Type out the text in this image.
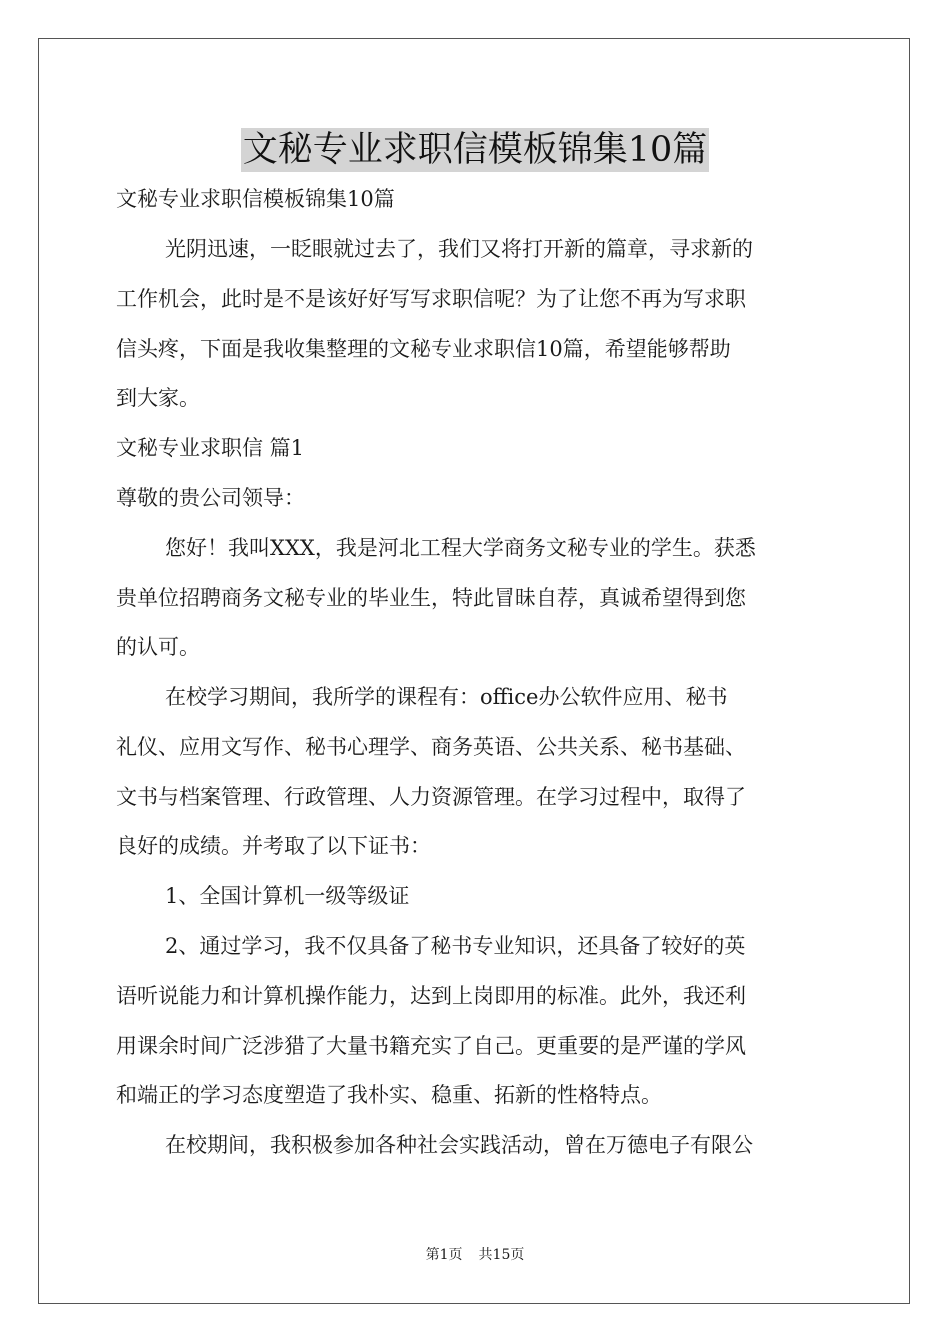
文秘专业求职信模板锦集10篇
文秘专业求职信模板锦集10篇
光阴迅速，一眨眼就过去了，我们又将打开新的篇章，寻求新的
工作机会，此时是不是该好好写写求职信呢？为了让您不再为写求职
信头疼，下面是我收集整理的文秘专业求职信10篇，希望能够帮助
到大家。
文秘专业求职信 篇1
尊敬的贵公司领导：
您好！我叫XXX，我是河北工程大学商务文秘专业的学生。获悉
贵单位招聘商务文秘专业的毕业生，特此冒昧自荐，真诚希望得到您
的认可。
在校学习期间，我所学的课程有：office办公软件应用、秘书
礼仪、应用文写作、秘书心理学、商务英语、公共关系、秘书基础、
文书与档案管理、行政管理、人力资源管理。在学习过程中，取得了
良好的成绩。并考取了以下证书：
1、全国计算机一级等级证
2、通过学习，我不仅具备了秘书专业知识，还具备了较好的英
语听说能力和计算机操作能力，达到上岗即用的标准。此外，我还利
用课余时间广泛涉猎了大量书籍充实了自己。更重要的是严谨的学风
和端正的学习态度塑造了我朴实、稳重、拓新的性格特点。
在校期间，我积极参加各种社会实践活动，曾在万德电子有限公
第1页 共15页
